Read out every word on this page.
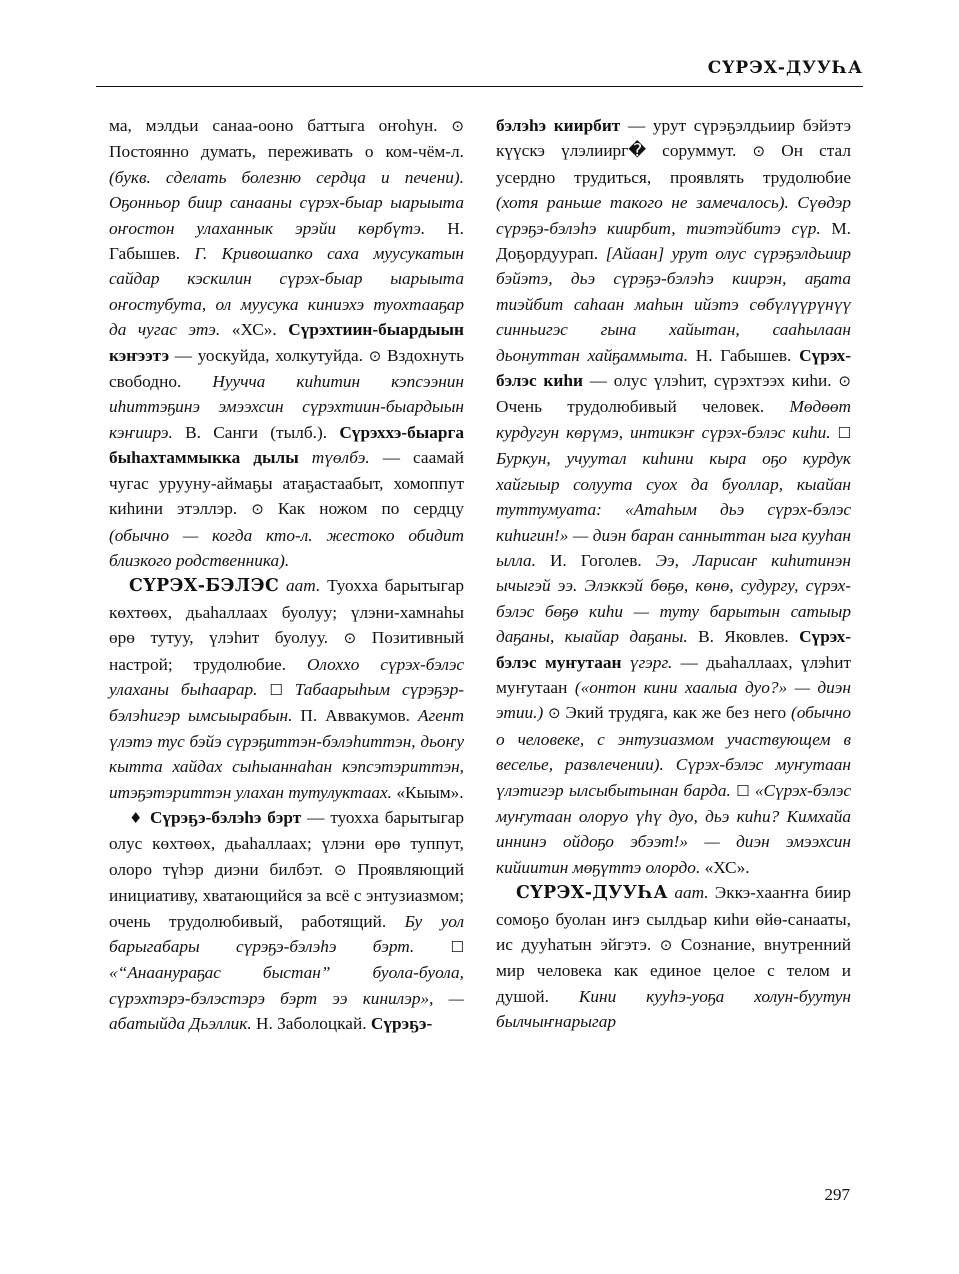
СҮРЭХ-ДУУҺА

ма, мэлдьи санаа-ооно баттыга оҥоһун. ⊙ Постоянно думать, переживать о ком-чём-л. (букв. сделать болезню сердца и печени). Оҕонньор биир санааны сүрэх-быар ыарыыта оҥостон улаханнык эрэйи көрбүтэ. Н. Габышев. Г. Кривошапко саха муусукатын сайдар кэскилин сүрэх-быар ыарыыта оҥостубута, ол муусука киниэхэ туохтааҕар да чугас этэ. «ХС». Сүрэхтиин-быардыын кэҥээтэ — уоскуйда, холкутуйда. ⊙ Вздохнуть свободно. Нууччa киһитин кэпсээнин иһиттэҕинэ эмээхсин сүрэхтиин-быардыын кэҥиирэ. В. Санги (тылб.). Сүрэххэ-быарга быһахтаммыкка дылы түөлбэ. — саамай чугас урууну-аймаҕы атаҕастаабыт, хомоппут киһини этэллэр. ⊙ Как ножом по сердцу (обычно — когда кто-л. жестоко обидит близкого родственника).

СҮРЭХ-БЭЛЭС аат. Туохха барытыгар көхтөөх, дьаһаллаах буолуу; үлэни-хамнаһы өрө тутуу, үлэһит буолуу. ⊙ Позитивный настрой; трудолюбие. Олохxo сүрэх-бэлэс улаханы быһаарар. ☐ Табаарыһым сүрэҕэр-бэлэһигэр ымсыырабын. П. Аввакумов. Агент үлэтэ тус бэйэ сүрэҕиттэн-бэлэһиттэн, дьоҥу кытта хайдах сыһыаннаһан кэпсэтэриттэн, итэҕэтэриттэн улахан тутулуктаах. «Кыым».

♦ Сүрэҕэ-бэлэһэ бэрт — туохха барытыгар олус көхтөөх, дьаһаллаах; үлэни өрө туппут, олоро түһэр диэни билбэт. ⊙ Проявляющий инициативу, хватающийся за всё с энтузиазмом; очень трудолюбивый, работящий. Бу уол барыгабары сүрэҕэ-бэлэһэ бэрт. ☐ «“Анаанураҕас быстан” буола-буола, сүрэхтэрэ-бэлэстэрэ бэрт ээ кинилэр», — абатыйда Дьэллик. Н. Заболоцкай. Сүрэҕэ-

бэлэһэ киирбит — урут сүрэҕэлдьиир бэйэтэ күүскэ үлэлиирг� соруммут. ⊙ Он стал усердно трудиться, проявлять трудолюбие (хотя раньше такого не замечалось). Сүөдэр сүрэҕэ-бэлэһэ киирбит, тиэтэйбитэ сүр. М. Доҕордуурап. [Айаан] урут олус сүрэҕэлдьиир бэйэтэ, дьэ сүрэҕэ-бэлэһэ киирэн, аҕата тиэйбит саһаан маһын ийэтэ сөбүлүүрүнүү синньигэс гына хайытан, сааһылаан дьонуттан хайҕаммыта. Н. Габышев. Сүрэх-бэлэс киһи — олус үлэһит, сүрэхтээх киһи. ⊙ Очень трудолюбивый человек. Мөдөөт курдугун көрүмэ, интикэҥ сүрэх-бэлэс киһи. ☐ Буркун, учуутал киһини кыра оҕо курдук хайгыыр солуута суох да буоллар, кыайан туттумуата: «Атаһым дьэ сүрэх-бэлэс киһигин!» — диэн баран санныттан ыга кууһан ылла. И. Гоголев. Ээ, Ларисаҥ киһитинэн ычыгэй ээ. Элэккэй бөҕө, көнө, судургу, сүрэх-бэлэс бөҕө киһи — туту барытын сатыыр даҕаны, кыайар даҕаны. В. Яковлев. Сүрэх-бэлэс муҥутаан үгэрг. — дьаһаллаах, үлэһит муҥутаан («онтон кини хаалыа дуо?» — диэн этии.) ⊙ Экий трудяга, как же без него (обычно о человеке, с энтузиазмом участвующем в веселье, развлечении). Сүрэх-бэлэс муҥутаан үлэтигэр ылсыбытынан барда. ☐ «Сүрэх-бэлэс муҥутаан олоруо үһү дуо, дьэ киһи? Кимхайа иннинэ ойдоҕо эбээт!» — диэн эмээхсин кийиитин мөҕүттэ олордо. «ХС».

СҮРЭХ-ДУУҺА аат. Эккэ-хааҥҥа биир сомоҕо буолан иҥэ сылдьар киһи өйө-санааты, ис дууһатын эйгэтэ. ⊙ Сознание, внутренний мир человека как единое целое с телом и душой. Кини кууһэ-уоҕа холун-буутун былчыҥнарыгар

297
